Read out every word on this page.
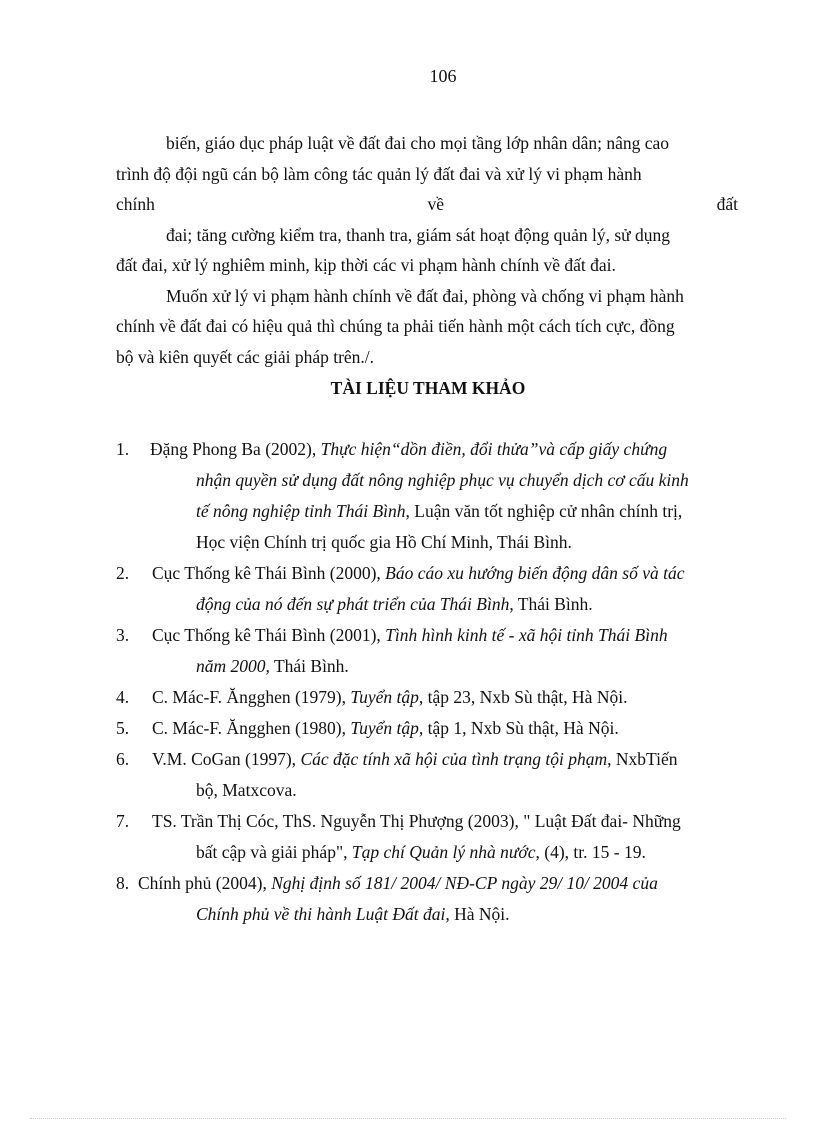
106
biến, giáo dục pháp luật về đất đai cho mọi tầng lớp nhân dân; nâng cao
trình độ đội ngũ cán bộ làm công tác quản lý đất đai và xử lý vi phạm hành
chính	về	đất
đai; tăng cường kiểm tra, thanh tra, giám sát hoạt động quản lý, sử dụng
đất đai, xử lý nghiêm minh, kịp thời các vi phạm hành chính về đất đai.
Muốn xử lý vi phạm hành chính về đất đai, phòng và chống vi phạm hành
chính về đất đai có hiệu quả thì chúng ta phải tiến hành một cách tích cực, đồng
bộ và kiên quyết các giải pháp trên./.
TÀI LIỆU THAM KHẢO
1. Đặng Phong Ba (2002), Thực hiện“dồn điền, đổi thửa”và cấp giấy chứng
nhận quyền sử dụng đất nông nghiệp phục vụ chuyển dịch cơ cấu kinh
tế nông nghiệp tỉnh Thái Bình, Luận văn tốt nghiệp cử nhân chính trị,
Học viện Chính trị quốc gia Hồ Chí Minh, Thái Bình.
2. Cục Thống kê Thái Bình (2000), Báo cáo xu hướng biến động dân số và tác
động của nó đến sự phát triển của Thái Bình, Thái Bình.
3. Cục Thống kê Thái Bình (2001), Tình hình kinh tế - xã hội tỉnh Thái Bình
năm 2000, Thái Bình.
4. C. Mác-F. Ăngghen (1979), Tuyển tập, tập 23, Nxb Sù thật, Hà Nội.
5. C. Mác-F. Ăngghen (1980), Tuyển tập, tập 1, Nxb Sù thật, Hà Nội.
6. V.M. CoGan (1997), Các đặc tính xã hội của tình trạng tội phạm, NxbTiến
bộ, Matxcova.
7. TS. Trần Thị Cóc, ThS. Nguyễn Thị Phượng (2003), " Luật Đất đai- Những
bất cập và giải pháp", Tạp chí Quản lý nhà nước, (4), tr. 15 - 19.
8. Chính phủ (2004), Nghị định số 181/ 2004/ NĐ-CP ngày 29/ 10/ 2004 của
Chính phủ về thi hành Luật Đất đai, Hà Nội.
